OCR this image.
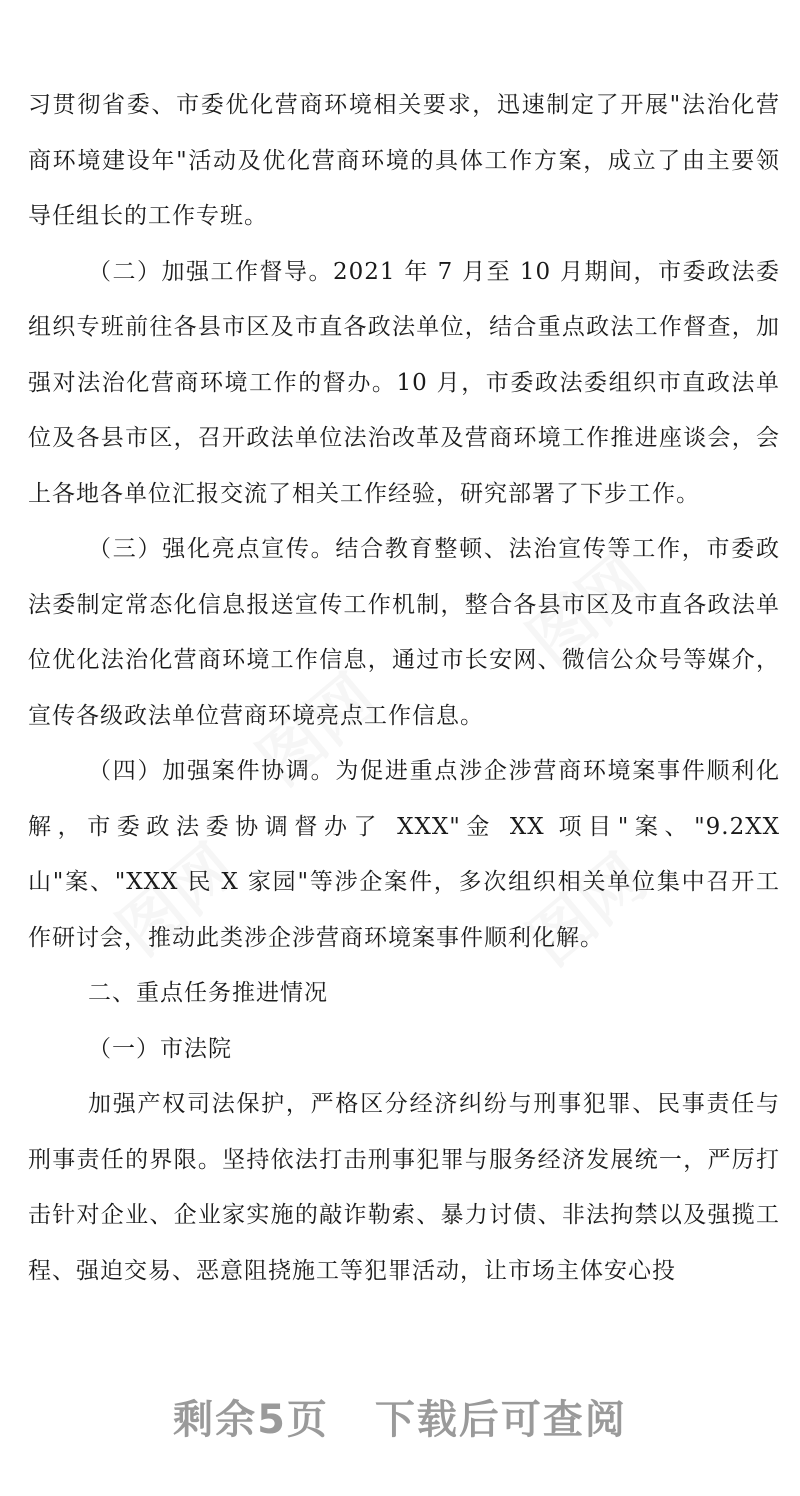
习贯彻省委、市委优化营商环境相关要求，迅速制定了开展"法治化营商环境建设年"活动及优化营商环境的具体工作方案，成立了由主要领导任组长的工作专班。

（二）加强工作督导。2021 年 7 月至 10 月期间，市委政法委组织专班前往各县市区及市直各政法单位，结合重点政法工作督查，加强对法治化营商环境工作的督办。10 月，市委政法委组织市直政法单位及各县市区，召开政法单位法治改革及营商环境工作推进座谈会，会上各地各单位汇报交流了相关工作经验，研究部署了下步工作。

（三）强化亮点宣传。结合教育整顿、法治宣传等工作，市委政法委制定常态化信息报送宣传工作机制，整合各县市区及市直各政法单位优化法治化营商环境工作信息，通过市长安网、微信公众号等媒介，宣传各级政法单位营商环境亮点工作信息。

（四）加强案件协调。为促进重点涉企涉营商环境案事件顺利化解，市委政法委协调督办了 XXX"金 XX 项目"案、"9.2XX 山"案、"XXX 民 X 家园"等涉企案件，多次组织相关单位集中召开工作研讨会，推动此类涉企涉营商环境案事件顺利化解。

二、重点任务推进情况

（一）市法院

加强产权司法保护，严格区分经济纠纷与刑事犯罪、民事责任与刑事责任的界限。坚持依法打击刑事犯罪与服务经济发展统一，严厉打击针对企业、企业家实施的敲诈勒索、暴力讨债、非法拘禁以及强揽工程、强迫交易、恶意阻挠施工等犯罪活动，让市场主体安心投

剩余5页 下载后可查阅
